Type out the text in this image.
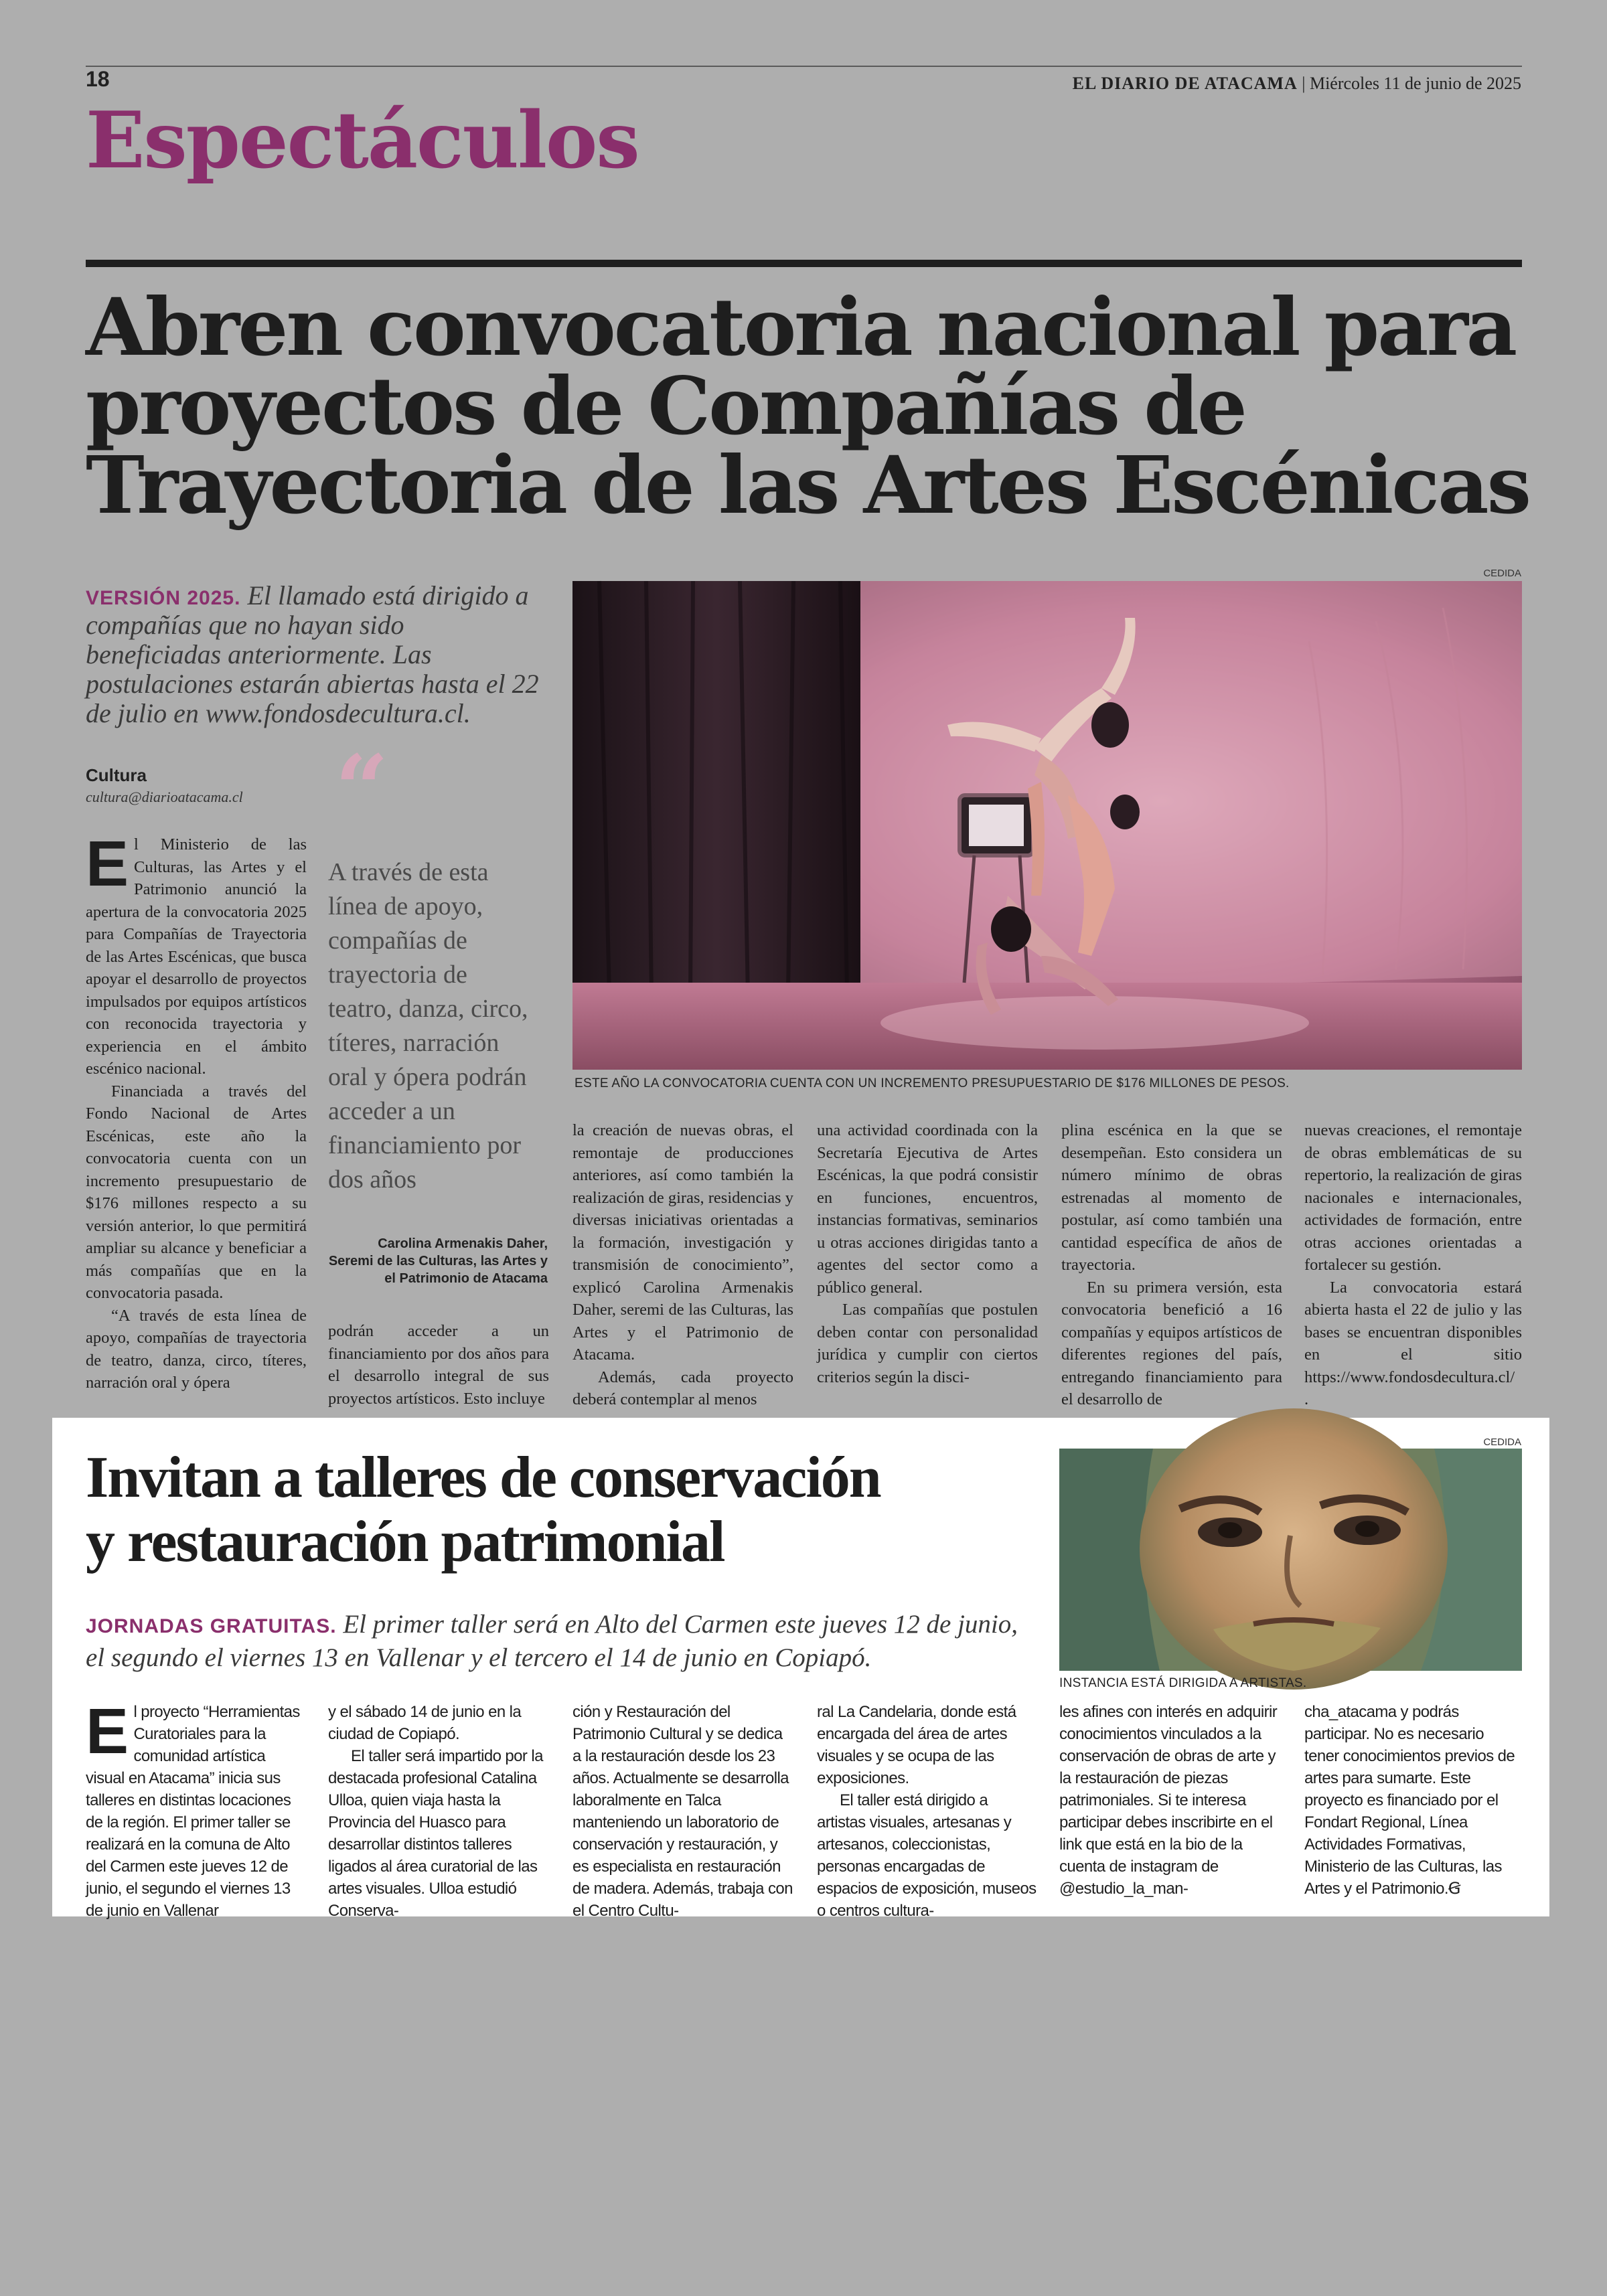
18	EL DIARIO DE ATACAMA | Miércoles 11 de junio de 2025
Espectáculos
Abren convocatoria nacional para
proyectos de Compañías de
Trayectoria de las Artes Escénicas
VERSIÓN 2025. El llamado está dirigido a compañías que no hayan sido beneficiadas anteriormente. Las postulaciones estarán abiertas hasta el 22 de julio en www.fondosdecultura.cl.
Cultura
cultura@diarioatacama.cl
CEDIDA
ESTE AÑO LA CONVOCATORIA CUENTA CON UN INCREMENTO PRESUPUESTARIO DE $176 MILLONES DE PESOS.
E l Ministerio de las Culturas, las Artes y el Patrimonio anunció la apertura de la convocatoria 2025 para Compañías de Trayectoria de las Artes Escénicas, que busca apoyar el desarrollo de proyectos impulsados por equipos artísticos con reconocida trayectoria y experiencia en el ámbito escénico nacional.

Financiada a través del Fondo Nacional de Artes Escénicas, este año la convocatoria cuenta con un incremento presupuestario de $176 millones respecto a su versión anterior, lo que permitirá ampliar su alcance y beneficiar a más compañías que en la convocatoria pasada.

“A través de esta línea de apoyo, compañías de trayectoria de teatro, danza, circo, títeres, narración oral y ópera

“
A través de esta línea de apoyo, compañías de trayectoria de teatro, danza, circo, títeres, narración oral y ópera podrán acceder a un financiamiento por dos años
Carolina Armenakis Daher,
Seremi de las Culturas, las Artes y el Patrimonio de Atacama

podrán acceder a un financiamiento por dos años para el desarrollo integral de sus proyectos artísticos. Esto incluye

la creación de nuevas obras, el remontaje de producciones anteriores, así como también la realización de giras, residencias y diversas iniciativas orientadas a la formación, investigación y transmisión de conocimiento”, explicó Carolina Armenakis Daher, seremi de las Culturas, las Artes y el Patrimonio de Atacama.

Además, cada proyecto deberá contemplar al menos

una actividad coordinada con la Secretaría Ejecutiva de Artes Escénicas, la que podrá consistir en funciones, encuentros, instancias formativas, seminarios u otras acciones dirigidas tanto a agentes del sector como a público general.

Las compañías que postulen deben contar con personalidad jurídica y cumplir con ciertos criterios según la disci-

plina escénica en la que se desempeñan. Esto considera un número mínimo de obras estrenadas al momento de postular, así como también una cantidad específica de años de trayectoria.

En su primera versión, esta convocatoria benefició a 16 compañías y equipos artísticos de diferentes regiones del país, entregando financiamiento para el desarrollo de

nuevas creaciones, el remontaje de obras emblemáticas de su repertorio, la realización de giras nacionales e internacionales, actividades de formación, entre otras acciones orientadas a fortalecer su gestión.

La convocatoria estará abierta hasta el 22 de julio y las bases se encuentran disponibles en el sitio https://www.fondosdecultura.cl/ .

Invitan a talleres de conservación
y restauración patrimonial
JORNADAS GRATUITAS. El primer taller será en Alto del Carmen este jueves 12 de junio, el segundo el viernes 13 en Vallenar y el tercero el 14 de junio en Copiapó.
CEDIDA
INSTANCIA ESTÁ DIRIGIDA A ARTISTAS.
E l proyecto “Herramientas Curatoriales para la comunidad artística visual en Atacama” inicia sus talleres en distintas locaciones de la región. El primer taller se realizará en la comuna de Alto del Carmen este jueves 12 de junio, el segundo el viernes 13 de junio en Vallenar

y el sábado 14 de junio en la ciudad de Copiapó.

El taller será impartido por la destacada profesional Catalina Ulloa, quien viaja hasta la Provincia del Huasco para desarrollar distintos talleres ligados al área curatorial de las artes visuales. Ulloa estudió Conserva-

ción y Restauración del Patrimonio Cultural y se dedica a la restauración desde los 23 años. Actualmente se desarrolla laboralmente en Talca manteniendo un laboratorio de conservación y restauración, y es especialista en restauración de madera. Además, trabaja con el Centro Cultu-

ral La Candelaria, donde está encargada del área de artes visuales y se ocupa de las exposiciones.

El taller está dirigido a artistas visuales, artesanas y artesanos, coleccionistas, personas encargadas de espacios de exposición, museos o centros cultura-

les afines con interés en adquirir conocimientos vinculados a la conservación de obras de arte y la restauración de piezas patrimoniales. Si te interesa participar debes inscribirte en el link que está en la bio de la cuenta de instagram de @estudio_la_man-

cha_atacama y podrás participar. No es necesario tener conocimientos previos de artes para sumarte. Este proyecto es financiado por el Fondart Regional, Línea Actividades Formativas, Ministerio de las Culturas, las Artes y el Patrimonio.Ꞡ
